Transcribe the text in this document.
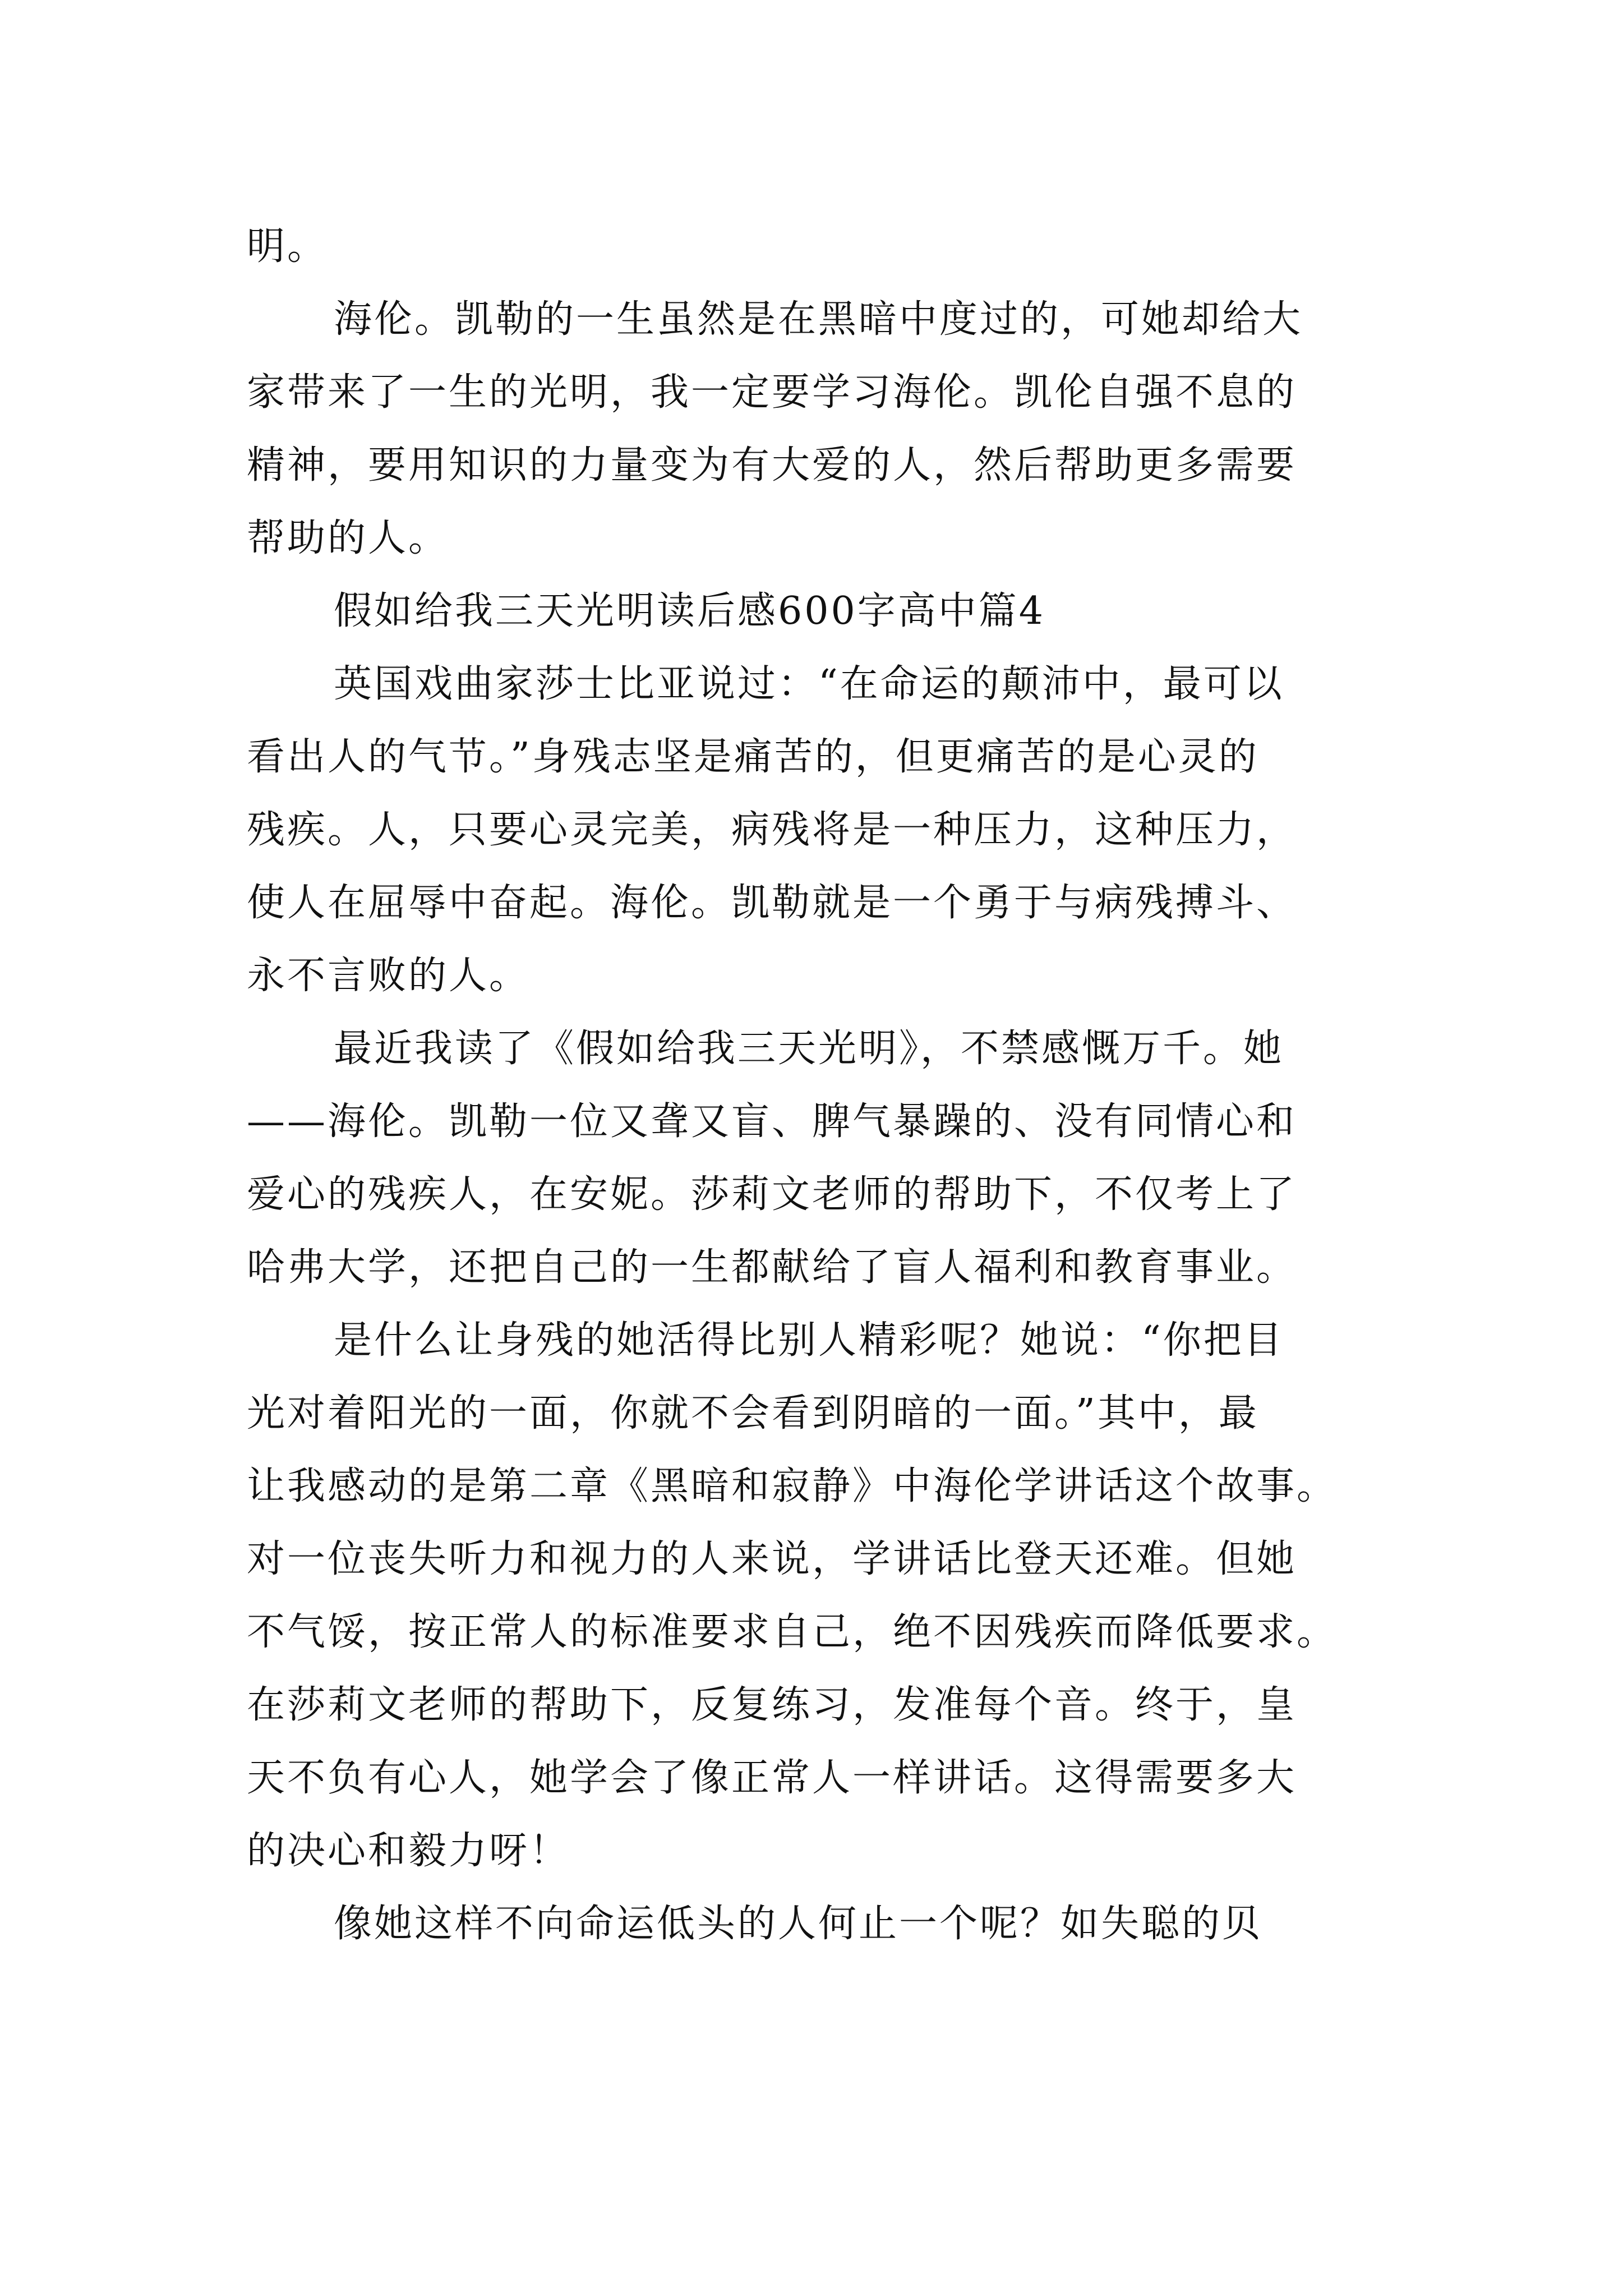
明。

海伦。凯勒的一生虽然是在黑暗中度过的，可她却给大
家带来了一生的光明，我一定要学习海伦。凯伦自强不息的
精神，要用知识的力量变为有大爱的人，然后帮助更多需要
帮助的人。

假如给我三天光明读后感600字高中篇4

英国戏曲家莎士比亚说过：“在命运的颠沛中，最可以
看出人的气节。”身残志坚是痛苦的，但更痛苦的是心灵的
残疾。人，只要心灵完美，病残将是一种压力，这种压力，
使人在屈辱中奋起。海伦。凯勒就是一个勇于与病残搏斗、
永不言败的人。

最近我读了《假如给我三天光明》，不禁感慨万千。她
——海伦。凯勒一位又聋又盲、脾气暴躁的、没有同情心和
爱心的残疾人，在安妮。莎莉文老师的帮助下，不仅考上了
哈弗大学，还把自己的一生都献给了盲人福利和教育事业。

是什么让身残的她活得比别人精彩呢？她说：“你把目
光对着阳光的一面，你就不会看到阴暗的一面。”其中，最
让我感动的是第二章《黑暗和寂静》中海伦学讲话这个故事。
对一位丧失听力和视力的人来说，学讲话比登天还难。但她
不气馁，按正常人的标准要求自己，绝不因残疾而降低要求。
在莎莉文老师的帮助下，反复练习，发准每个音。终于，皇
天不负有心人，她学会了像正常人一样讲话。这得需要多大
的决心和毅力呀！

像她这样不向命运低头的人何止一个呢？如失聪的贝
